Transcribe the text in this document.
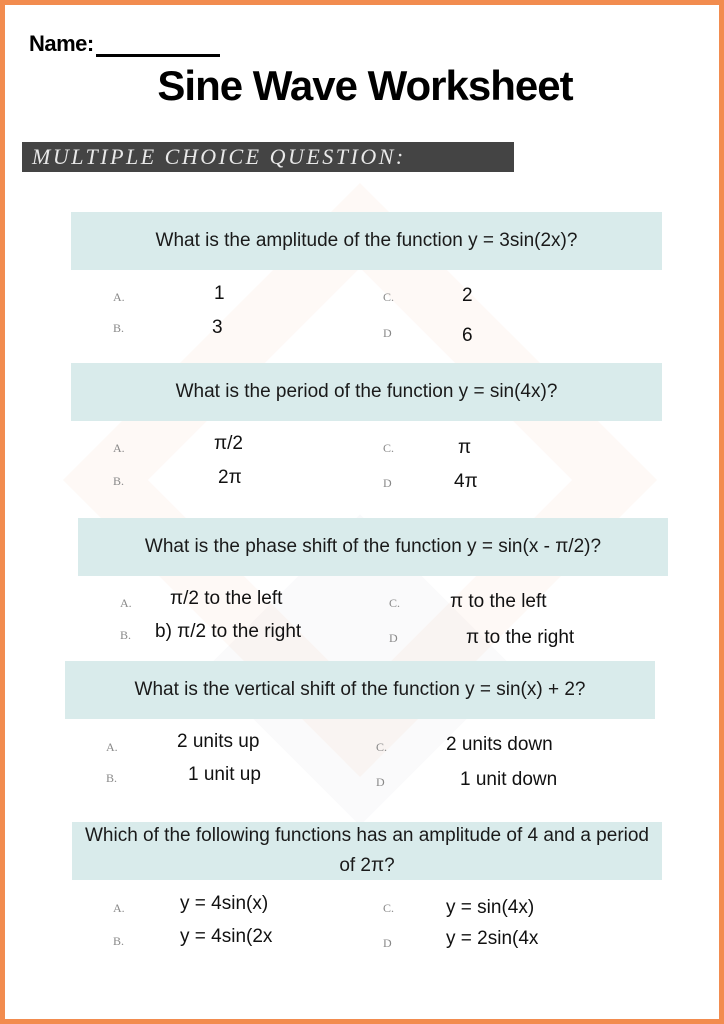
Name:
Sine Wave Worksheet
MULTIPLE CHOICE QUESTION:
What is the amplitude of the function y = 3sin(2x)?
A.	1
B.	3
C.	2
D	6
What is the period of the function y = sin(4x)?
A.	π/2
B.	2π
C.	π
D	4π
What is the phase shift of the function y = sin(x - π/2)?
A. π/2 to the left
B. b) π/2 to the right
C.	π to the left
D	π to the right
What is the vertical shift of the function y = sin(x) + 2?
A.	2 units up
B.	1 unit up
C.	2 units down
D	1 unit down
Which of the following functions has an amplitude of 4 and a period of 2π?
A.	y = 4sin(x)
B.	y = 4sin(2x
C.	y = sin(4x)
D	y = 2sin(4x
